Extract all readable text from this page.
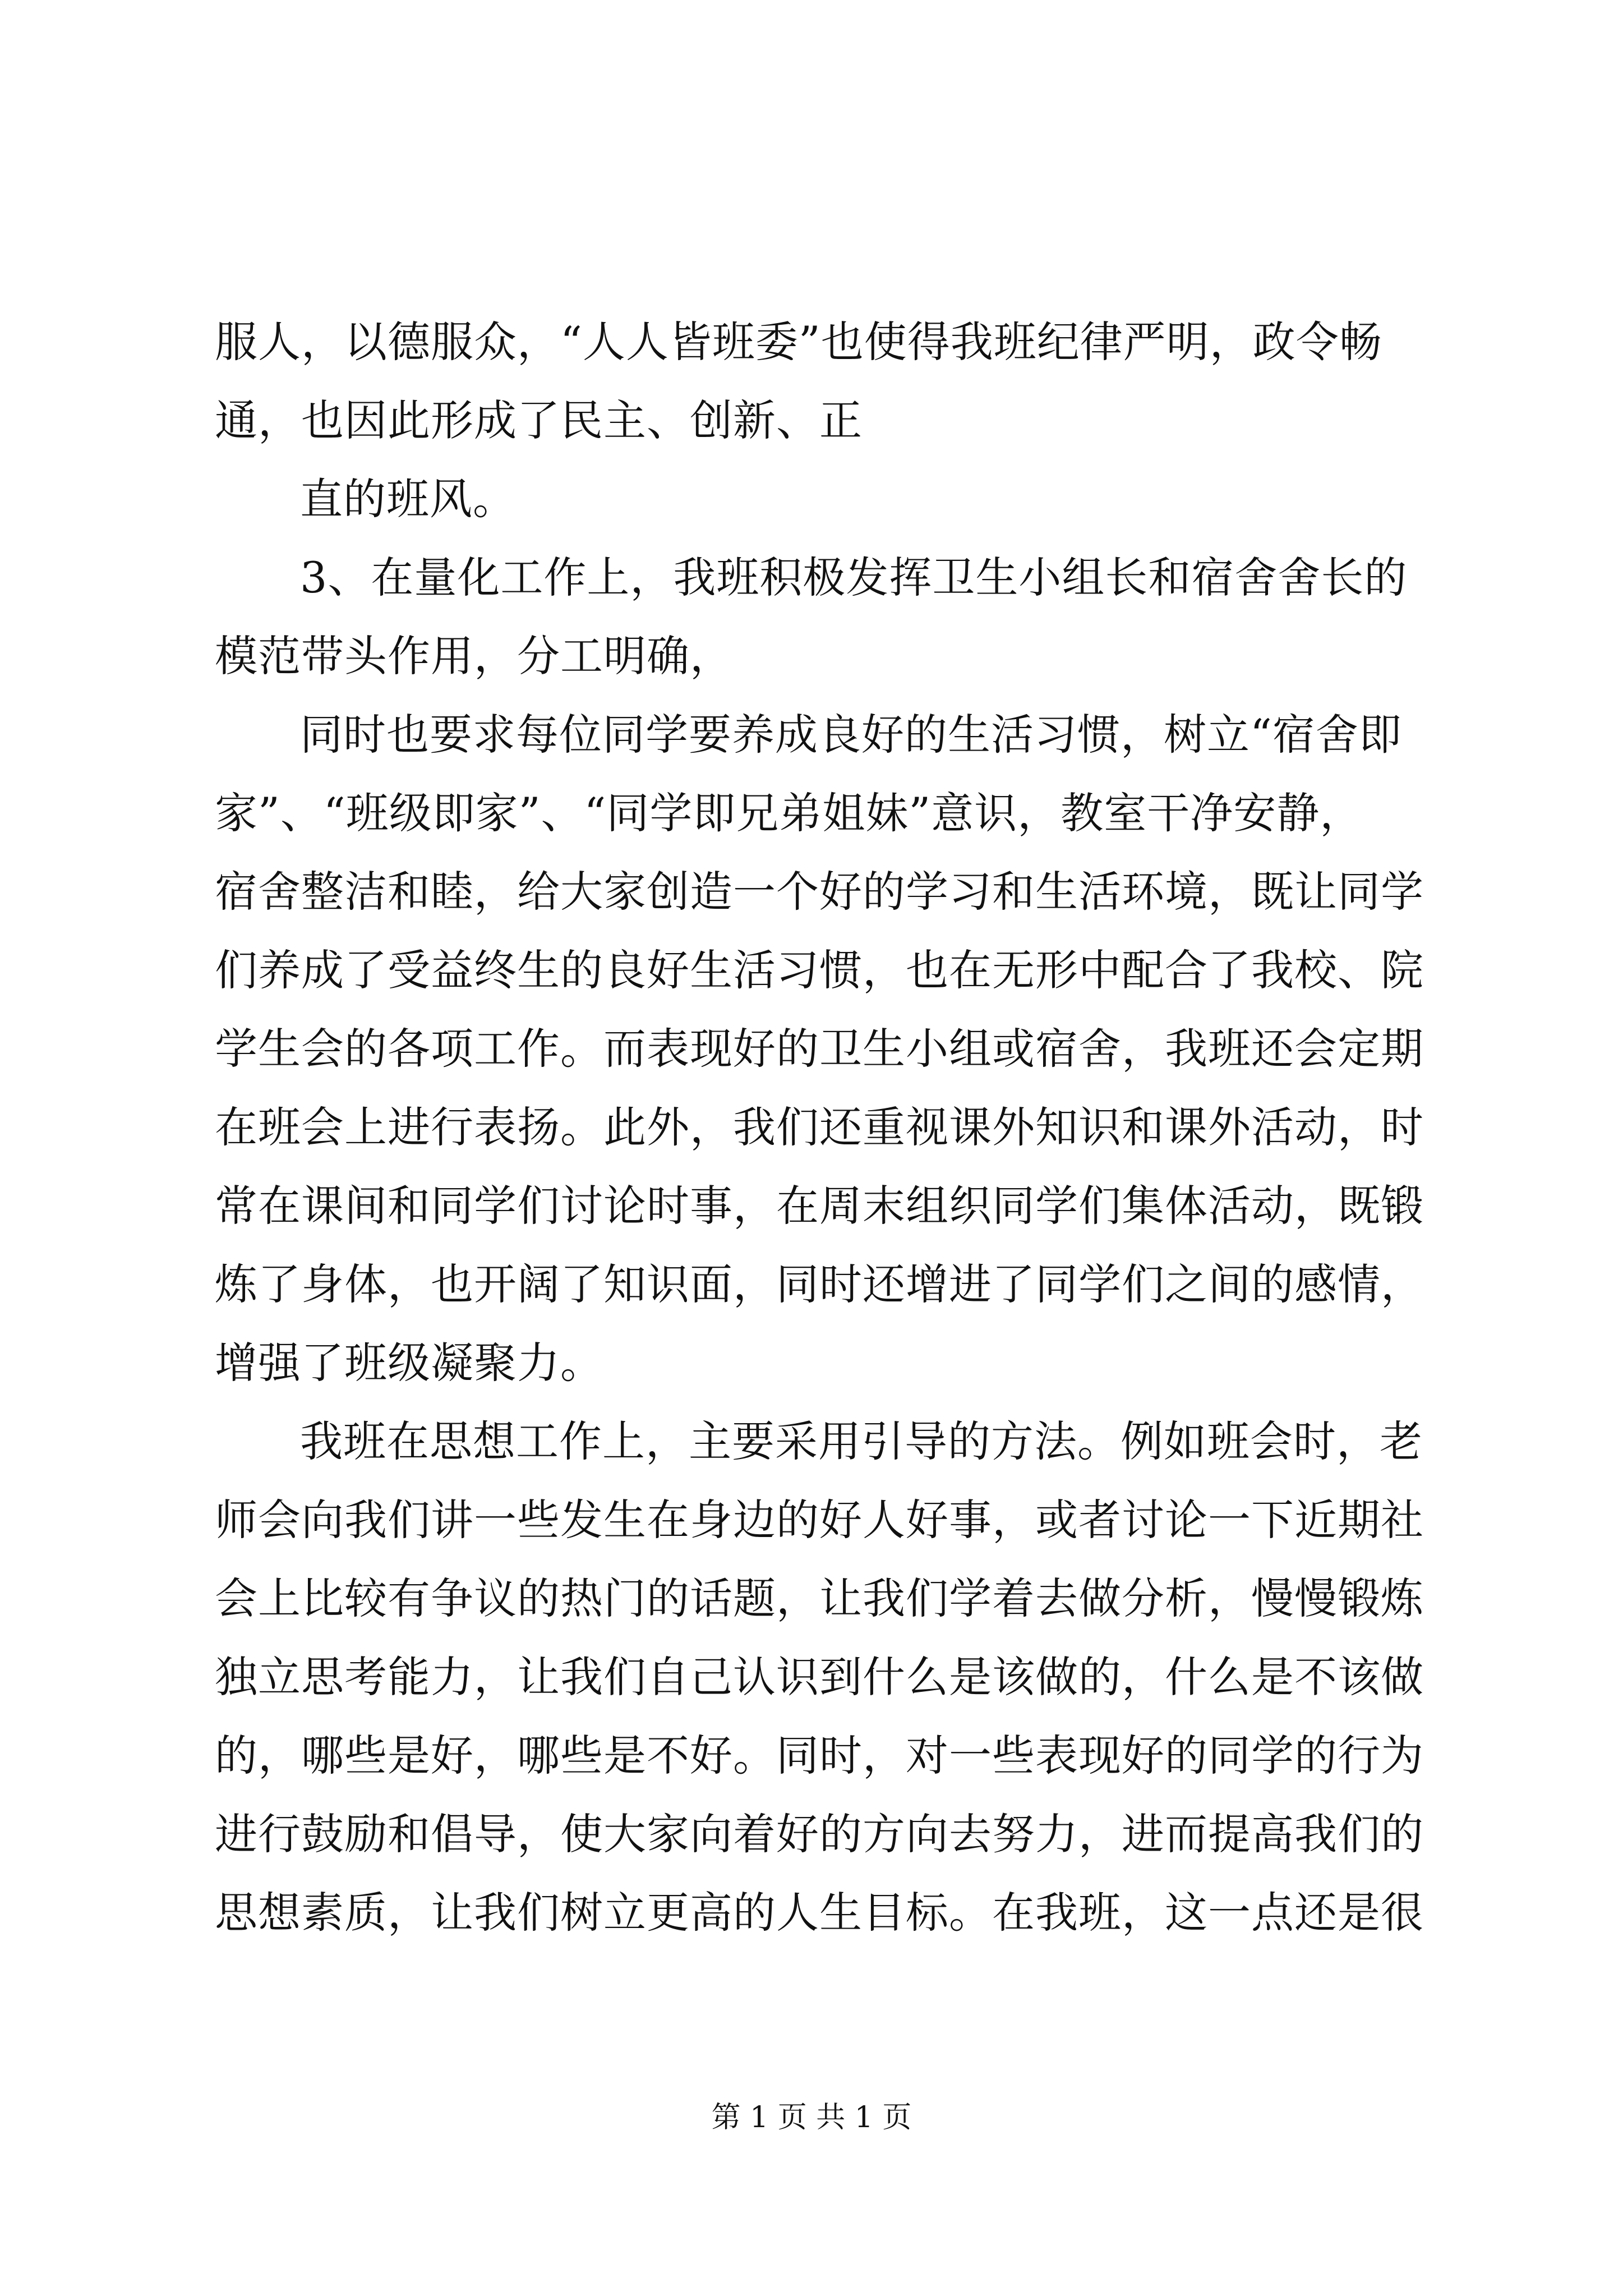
服人，以德服众，“人人皆班委”也使得我班纪律严明，政令畅
通，也因此形成了民主、创新、正
直的班风。
3、在量化工作上，我班积极发挥卫生小组长和宿舍舍长的
模范带头作用，分工明确，
同时也要求每位同学要养成良好的生活习惯，树立“宿舍即
家”、“班级即家”、“同学即兄弟姐妹”意识，教室干净安静，
宿舍整洁和睦，给大家创造一个好的学习和生活环境，既让同学
们养成了受益终生的良好生活习惯，也在无形中配合了我校、院
学生会的各项工作。而表现好的卫生小组或宿舍，我班还会定期
在班会上进行表扬。此外，我们还重视课外知识和课外活动，时
常在课间和同学们讨论时事，在周末组织同学们集体活动，既锻
炼了身体，也开阔了知识面，同时还增进了同学们之间的感情，
增强了班级凝聚力。
我班在思想工作上，主要采用引导的方法。例如班会时，老
师会向我们讲一些发生在身边的好人好事，或者讨论一下近期社
会上比较有争议的热门的话题，让我们学着去做分析，慢慢锻炼
独立思考能力，让我们自己认识到什么是该做的，什么是不该做
的，哪些是好，哪些是不好。同时，对一些表现好的同学的行为
进行鼓励和倡导，使大家向着好的方向去努力，进而提高我们的
思想素质，让我们树立更高的人生目标。在我班，这一点还是很
第 1 页 共 1 页
